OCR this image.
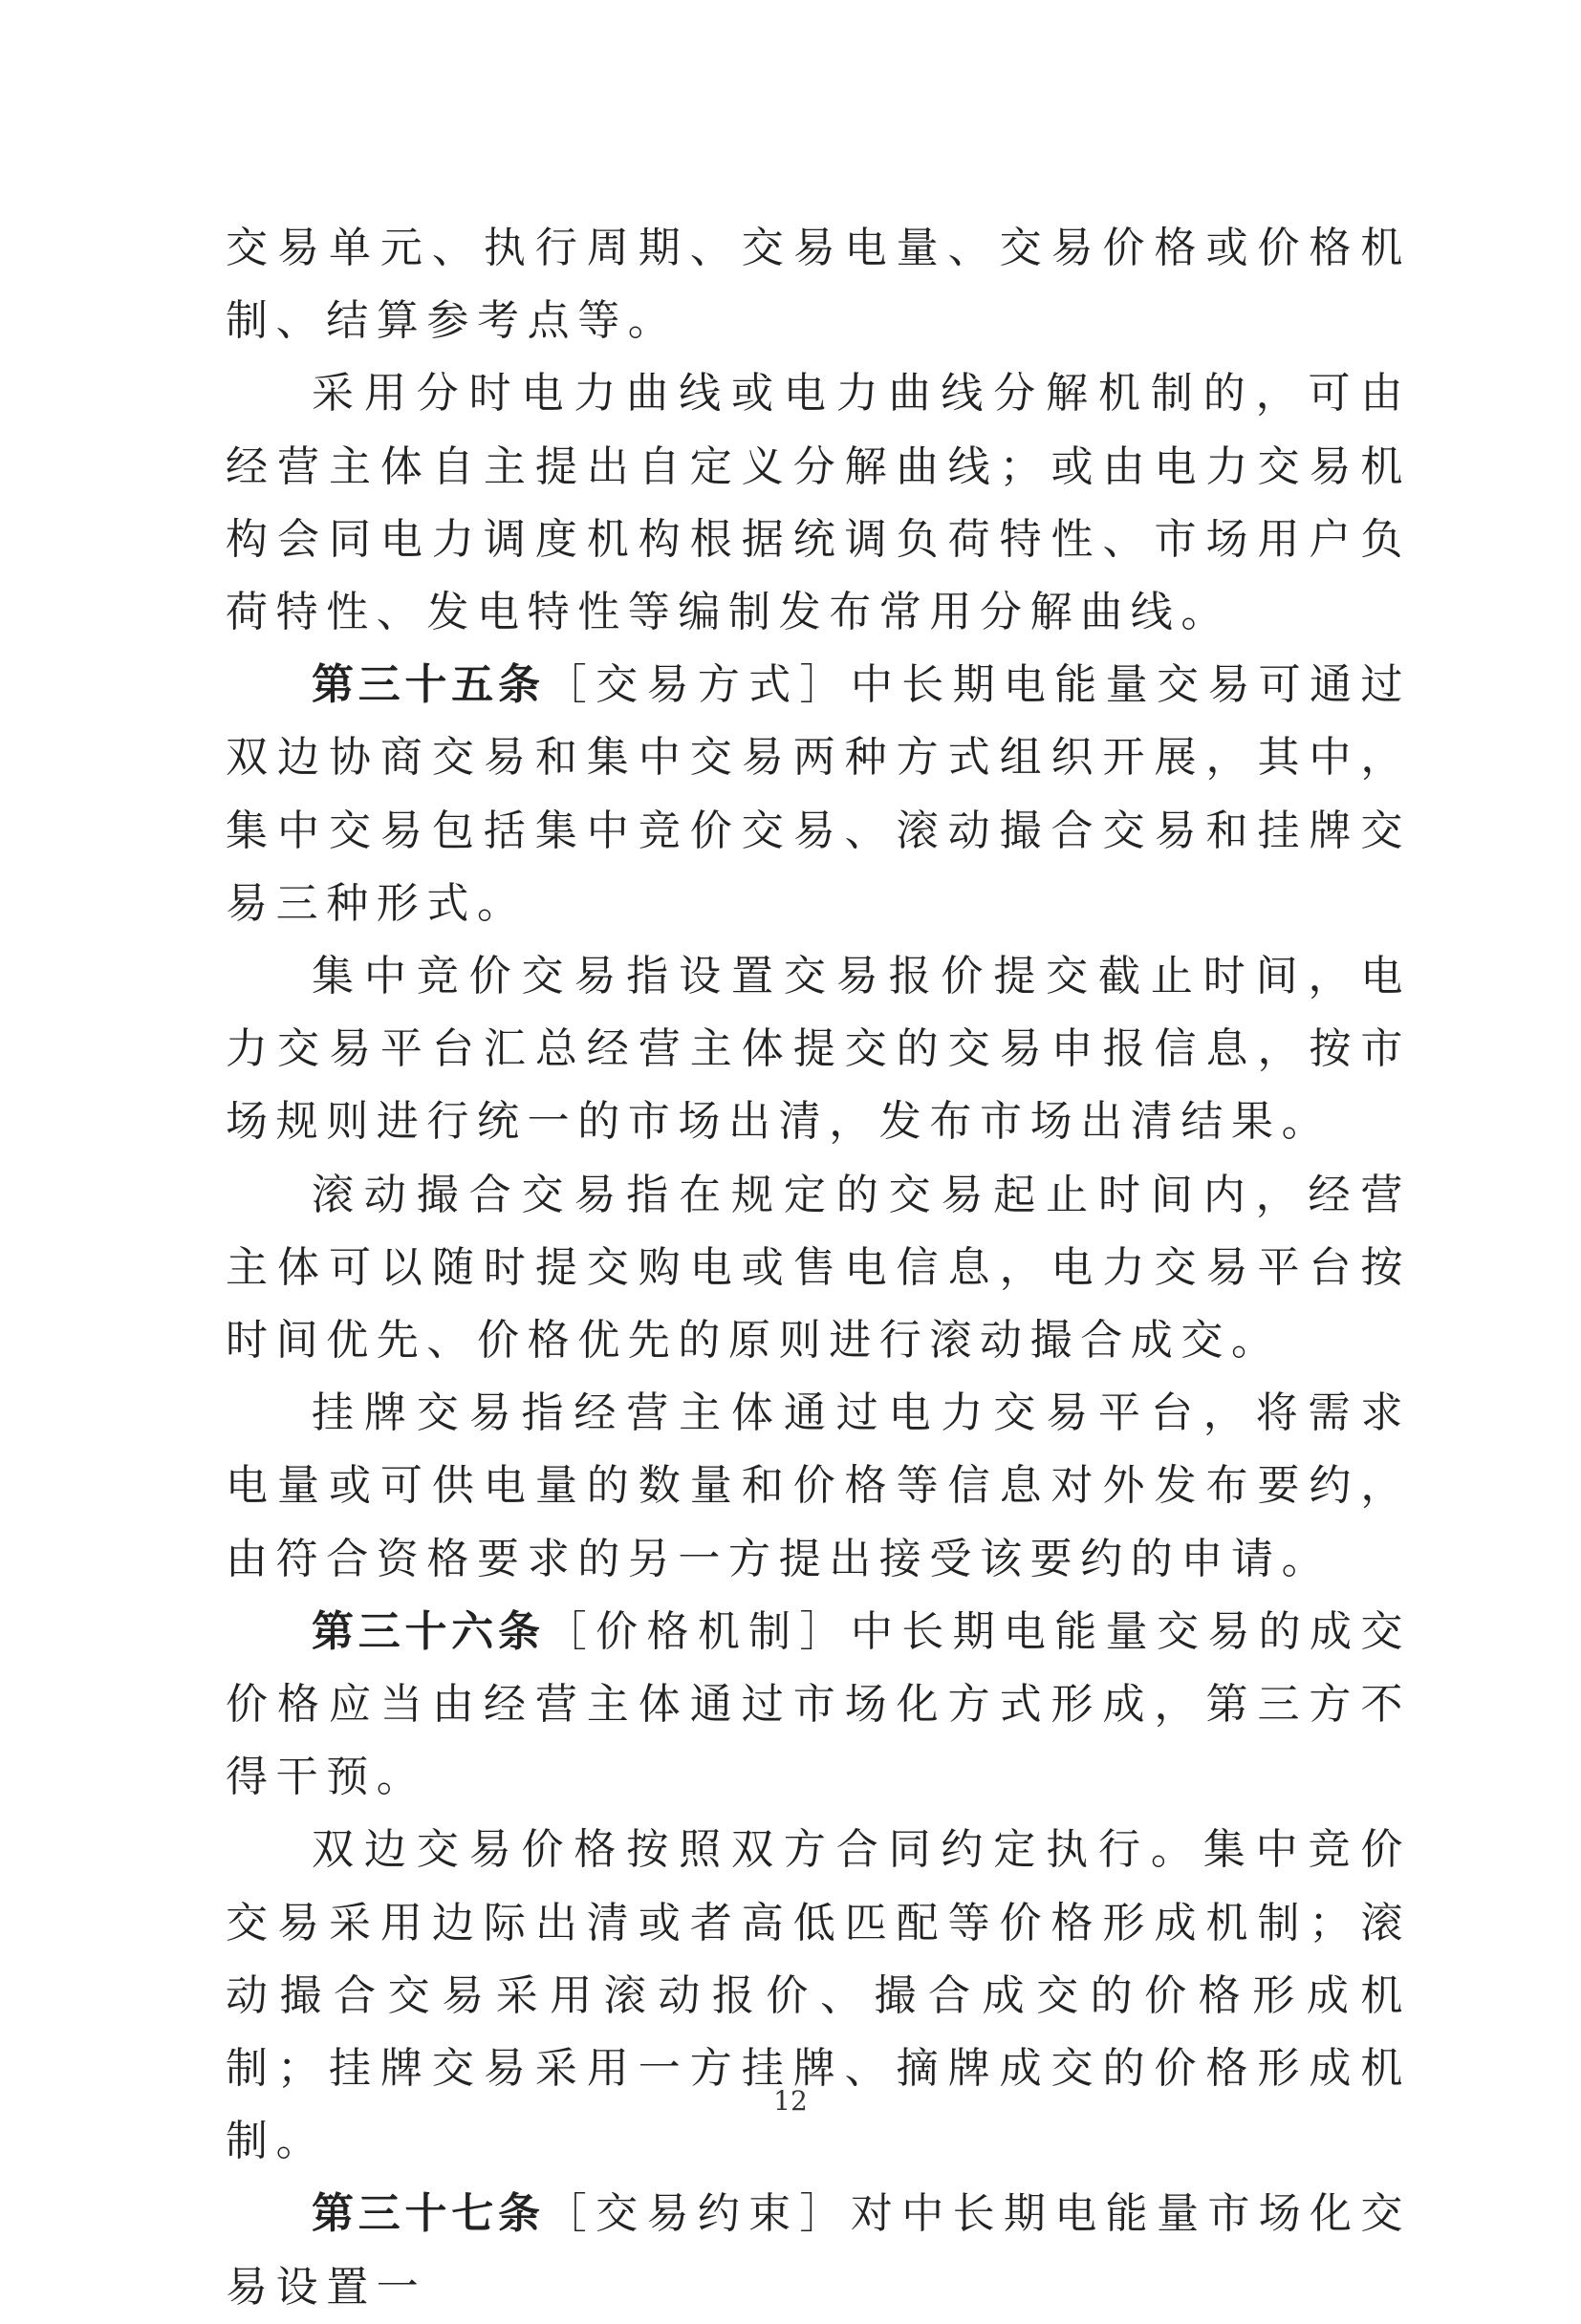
交易单元、执行周期、交易电量、交易价格或价格机制、结算参考点等。

采用分时电力曲线或电力曲线分解机制的，可由经营主体自主提出自定义分解曲线；或由电力交易机构会同电力调度机构根据统调负荷特性、市场用户负荷特性、发电特性等编制发布常用分解曲线。

第三十五条［交易方式］中长期电能量交易可通过双边协商交易和集中交易两种方式组织开展，其中，集中交易包括集中竞价交易、滚动撮合交易和挂牌交易三种形式。

集中竞价交易指设置交易报价提交截止时间，电力交易平台汇总经营主体提交的交易申报信息，按市场规则进行统一的市场出清，发布市场出清结果。

滚动撮合交易指在规定的交易起止时间内，经营主体可以随时提交购电或售电信息，电力交易平台按时间优先、价格优先的原则进行滚动撮合成交。

挂牌交易指经营主体通过电力交易平台，将需求电量或可供电量的数量和价格等信息对外发布要约，由符合资格要求的另一方提出接受该要约的申请。

第三十六条［价格机制］中长期电能量交易的成交价格应当由经营主体通过市场化方式形成，第三方不得干预。

双边交易价格按照双方合同约定执行。集中竞价交易采用边际出清或者高低匹配等价格形成机制；滚动撮合交易采用滚动报价、撮合成交的价格形成机制；挂牌交易采用一方挂牌、摘牌成交的价格形成机制。

第三十七条［交易约束］对中长期电能量市场化交易设置一

12
